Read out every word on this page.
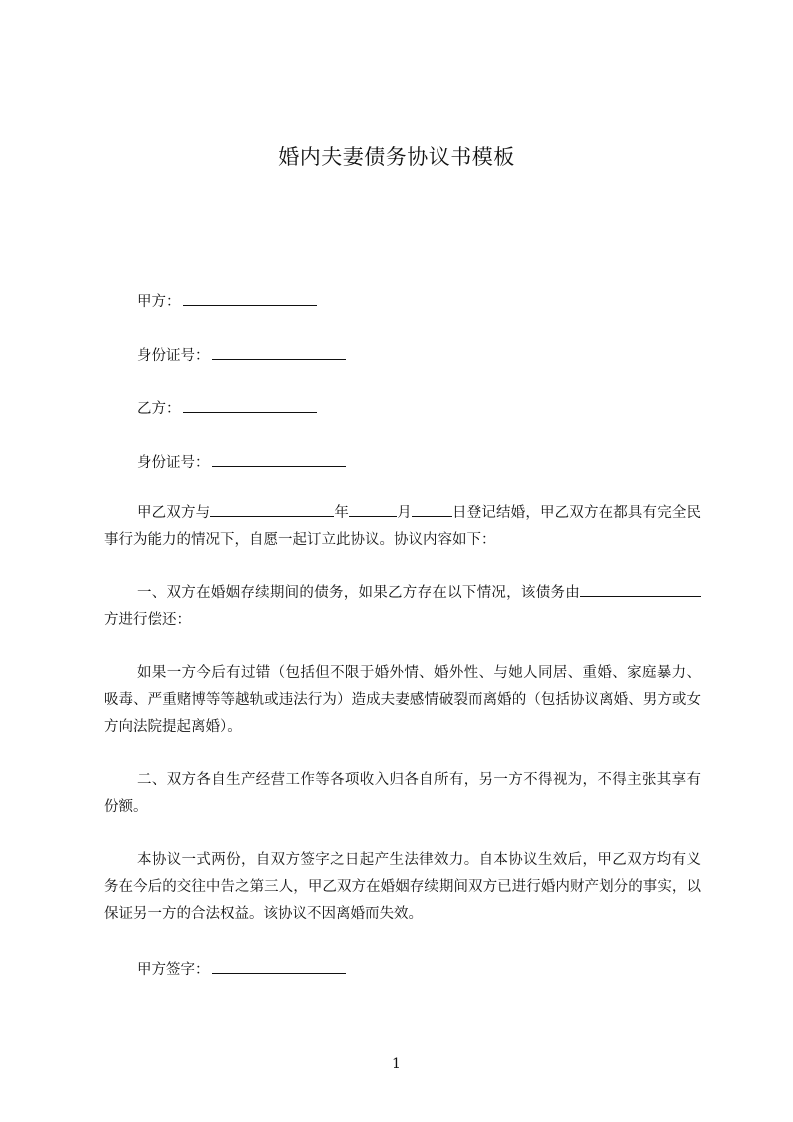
婚内夫妻债务协议书模板
甲方：
身份证号：
乙方：
身份证号：
甲乙双方与	年	月	日登记结婚，甲乙双方在都具有完全民事行为能力的情况下，自愿一起订立此协议。协议内容如下：
一、双方在婚姻存续期间的债务，如果乙方存在以下情况，该债务由方进行偿还：
如果一方今后有过错（包括但不限于婚外情、婚外性、与她人同居、重婚、家庭暴力、吸毒、严重赌博等等越轨或违法行为）造成夫妻感情破裂而离婚的（包括协议离婚、男方或女方向法院提起离婚）。
二、双方各自生产经营工作等各项收入归各自所有，另一方不得视为，不得主张其享有份额。
本协议一式两份，自双方签字之日起产生法律效力。自本协议生效后，甲乙双方均有义务在今后的交往中告之第三人，甲乙双方在婚姻存续期间双方已进行婚内财产划分的事实，以保证另一方的合法权益。该协议不因离婚而失效。
甲方签字：
1
